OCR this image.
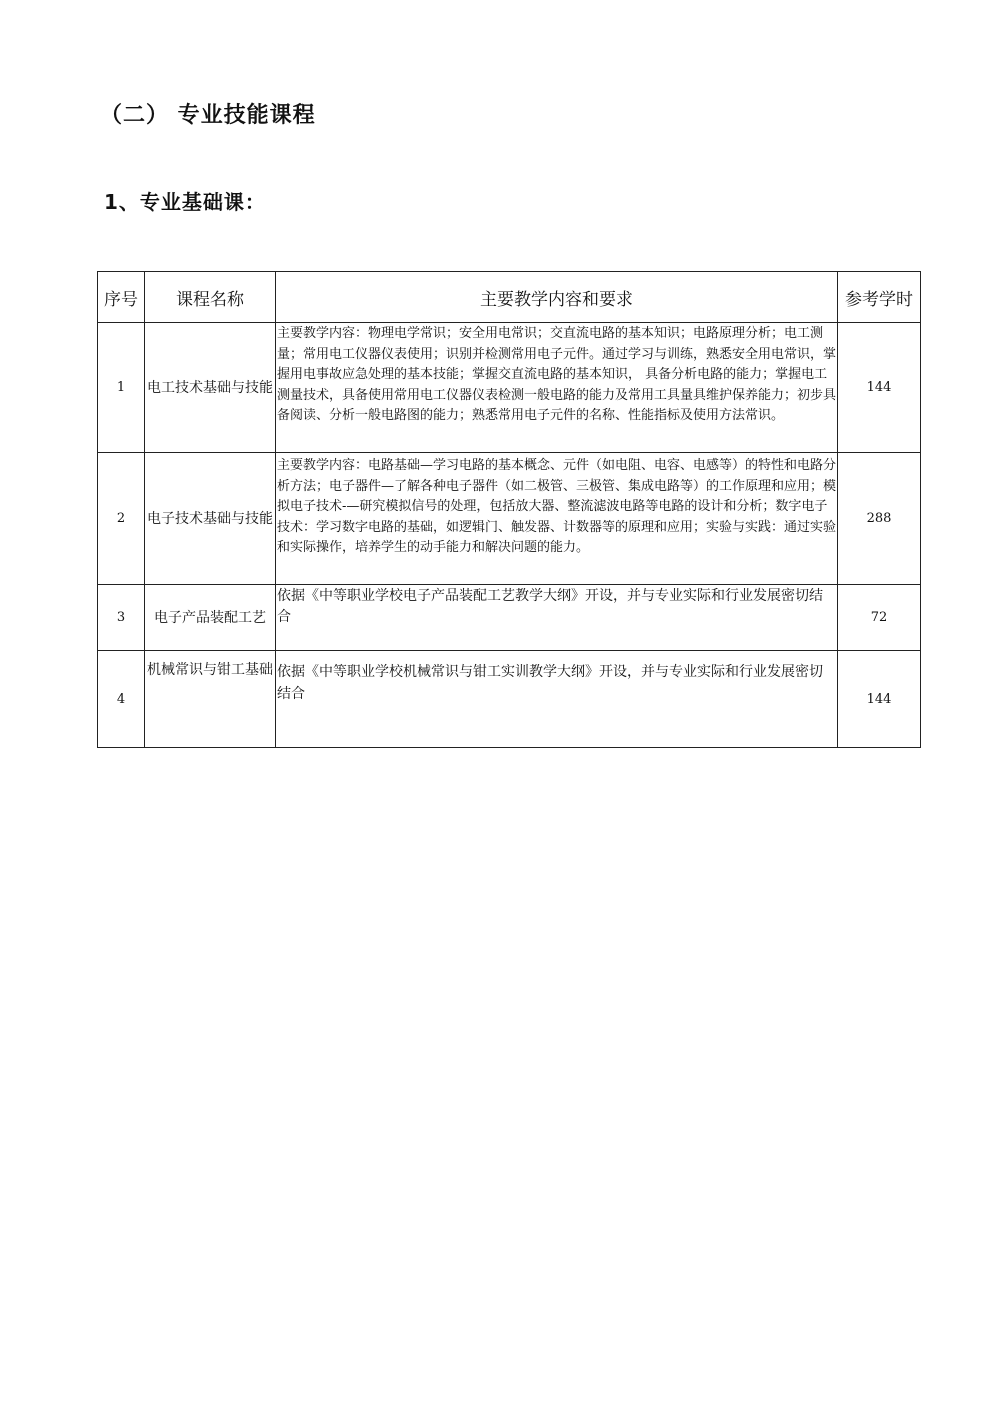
（二） 专业技能课程
1、专业基础课：
序号	课程名称	主要教学内容和要求	参考学时
1	电工技术基础与技能	主要教学内容：物理电学常识；安全用电常识；交直流电路的基本知识；电路原理分析；电工测量；常用电工仪器仪表使用；识别并检测常用电子元件。通过学习与训练，熟悉安全用电常识，掌握用电事故应急处理的基本技能；掌握交直流电路的基本知识， 具备分析电路的能力；掌握电工测量技术，具备使用常用电工仪器仪表检测一般电路的能力及常用工具量具维护保养能力；初步具备阅读、分析一般电路图的能力；熟悉常用电子元件的名称、性能指标及使用方法常识。	144
2	电子技术基础与技能	主要教学内容：电路基础—学习电路的基本概念、元件（如电阻、电容、电感等）的特性和电路分析方法；电子器件—了解各种电子器件（如二极管、三极管、集成电路等）的工作原理和应用；模拟电子技术-—研究模拟信号的处理，包括放大器、整流滤波电路等电路的设计和分析；数字电子技术：学习数字电路的基础，如逻辑门、触发器、计数器等的原理和应用；实验与实践：通过实验和实际操作，培养学生的动手能力和解决问题的能力。	288
3	电子产品装配工艺	依据《中等职业学校电子产品装配工艺教学大纲》开设，并与专业实际和行业发展密切结合	72
4	机械常识与钳工基础	依据《中等职业学校机械常识与钳工实训教学大纲》开设，并与专业实际和行业发展密切结合	144
